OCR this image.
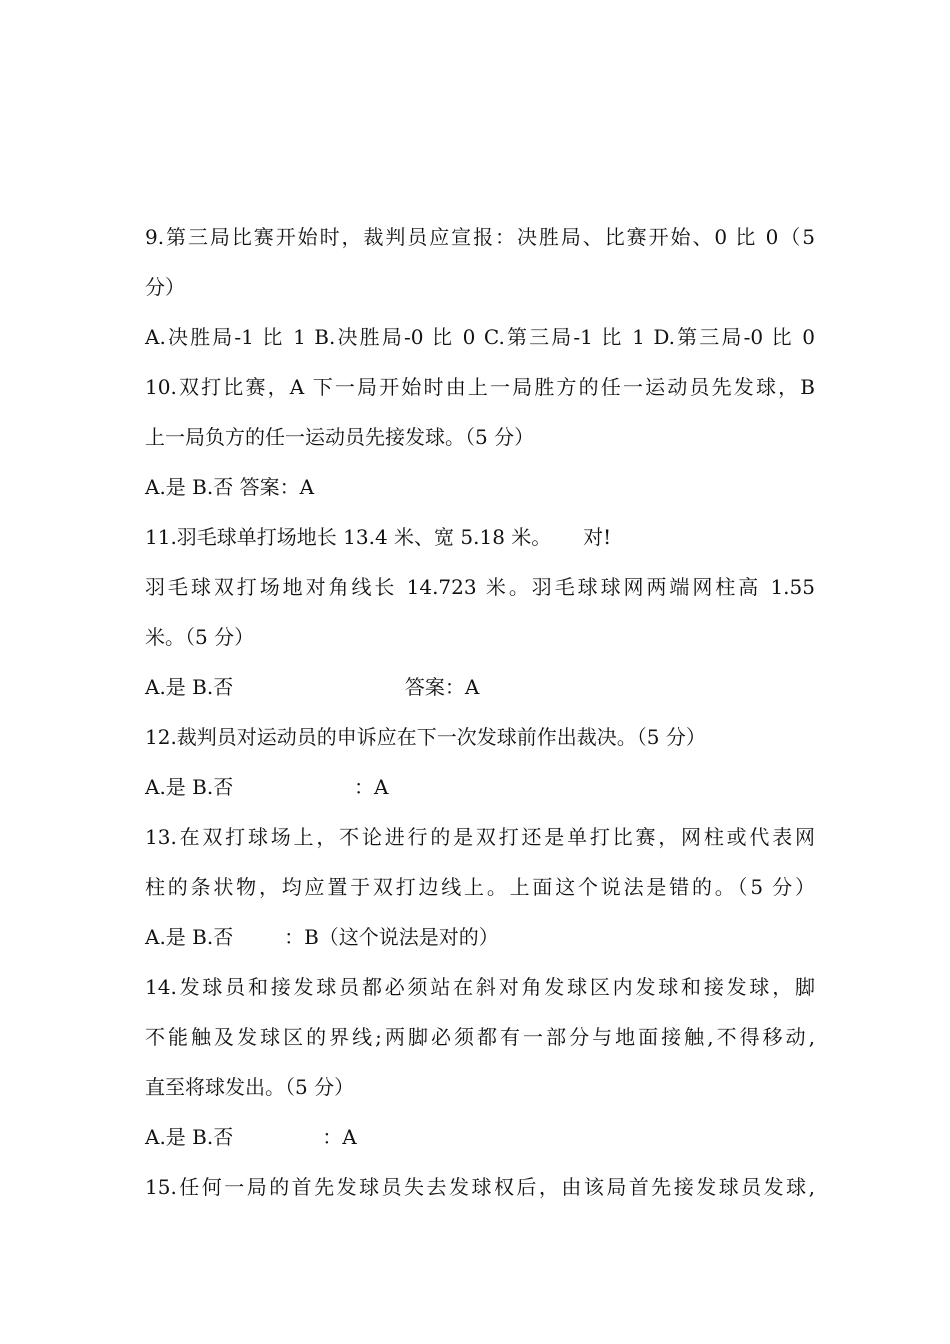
9.第三局比赛开始时，裁判员应宣报：决胜局、比赛开始、0 比 0（5
分）
A.决胜局-1 比 1 B.决胜局-0 比 0 C.第三局-1 比 1 D.第三局-0 比 0
10.双打比赛，A 下一局开始时由上一局胜方的任一运动员先发球，B
上一局负方的任一运动员先接发球。（5 分）
A.是 B.否 答案：A
11.羽毛球单打场地长 13.4 米、宽 5.18 米。     对!
羽毛球双打场地对角线长 14.723 米。羽毛球球网两端网柱高 1.55
米。（5 分）
A.是 B.否                           答案：A
12.裁判员对运动员的申诉应在下一次发球前作出裁决。（5 分）
A.是 B.否                   ：A
13.在双打球场上，不论进行的是双打还是单打比赛，网柱或代表网
柱的条状物，均应置于双打边线上。上面这个说法是错的。（5 分）
A.是 B.否        ：B（这个说法是对的）
14.发球员和接发球员都必须站在斜对角发球区内发球和接发球，脚
不能触及发球区的界线;两脚必须都有一部分与地面接触,不得移动,
直至将球发出。（5 分）
A.是 B.否              ：A
15.任何一局的首先发球员失去发球权后，由该局首先接发球员发球,
